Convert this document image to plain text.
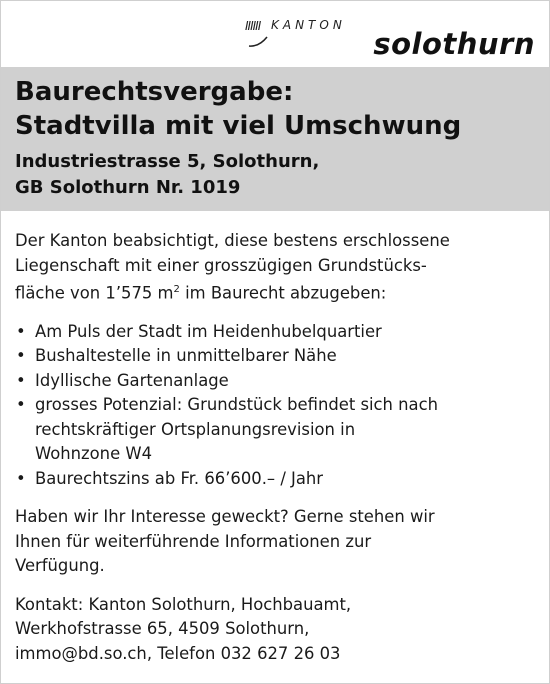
IIIIII KANTON
solothurn
Baurechtsvergabe:
Stadtvilla mit viel Umschwung
Industriestrasse 5, Solothurn,
GB Solothurn Nr. 1019

Der Kanton beabsichtigt, diese bestens erschlossene
Liegenschaft mit einer grosszügigen Grundstücks-
fläche von 1’575 $m^2$ im Baurecht abzugeben:

• Am Puls der Stadt im Heidenhubelquartier
• Bushaltestelle in unmittelbarer Nähe
• Idyllische Gartenanlage
• grosses Potenzial: Grundstück befindet sich nach
rechtskräftiger Ortsplanungsrevision in
Wohnzone W4
• Baurechtszins ab Fr. 66’600.– / Jahr

Haben wir Ihr Interesse geweckt? Gerne stehen wir
Ihnen für weiterführende Informationen zur
Verfügung.

Kontakt: Kanton Solothurn, Hochbauamt,
Werkhofstrasse 65, 4509 Solothurn,
immo@bd.so.ch, Telefon 032 627 26 03
